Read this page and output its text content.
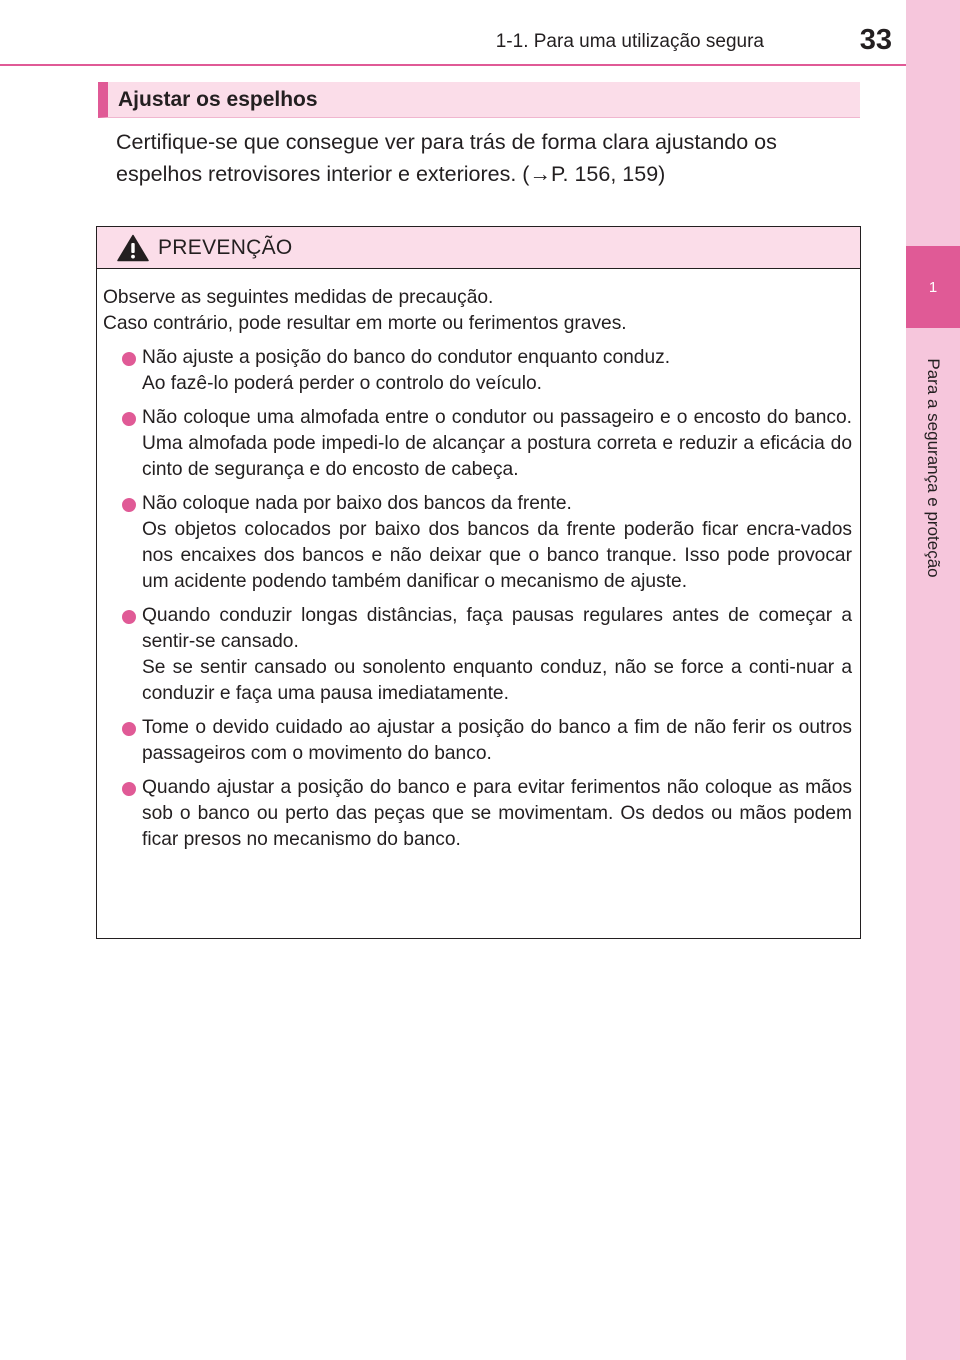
1
Para a segurança e proteção
1-1. Para uma utilização segura	33
Ajustar os espelhos
Certifique-se que consegue ver para trás de forma clara ajustando os
espelhos retrovisores interior e exteriores. (→P. 156, 159)
PREVENÇÃO
Observe as seguintes medidas de precaução.
Caso contrário, pode resultar em morte ou ferimentos graves.

Não ajuste a posição do banco do condutor enquanto conduz.

Ao fazê-lo poderá perder o controlo do veículo.

Não coloque uma almofada entre o condutor ou passageiro e o encosto do banco. Uma almofada pode impedi-lo de alcançar a postura correta e reduzir a eficácia do cinto de segurança e do encosto de cabeça.

Não coloque nada por baixo dos bancos da frente.

Os objetos colocados por baixo dos bancos da frente poderão ficar encra-vados nos encaixes dos bancos e não deixar que o banco tranque. Isso pode provocar um acidente podendo também danificar o mecanismo de ajuste.

Quando conduzir longas distâncias, faça pausas regulares antes de começar a sentir-se cansado.

Se se sentir cansado ou sonolento enquanto conduz, não se force a conti-nuar a conduzir e faça uma pausa imediatamente.

Tome o devido cuidado ao ajustar a posição do banco a fim de não ferir os outros passageiros com o movimento do banco.

Quando ajustar a posição do banco e para evitar ferimentos não coloque as mãos sob o banco ou perto das peças que se movimentam. Os dedos ou mãos podem ficar presos no mecanismo do banco.
